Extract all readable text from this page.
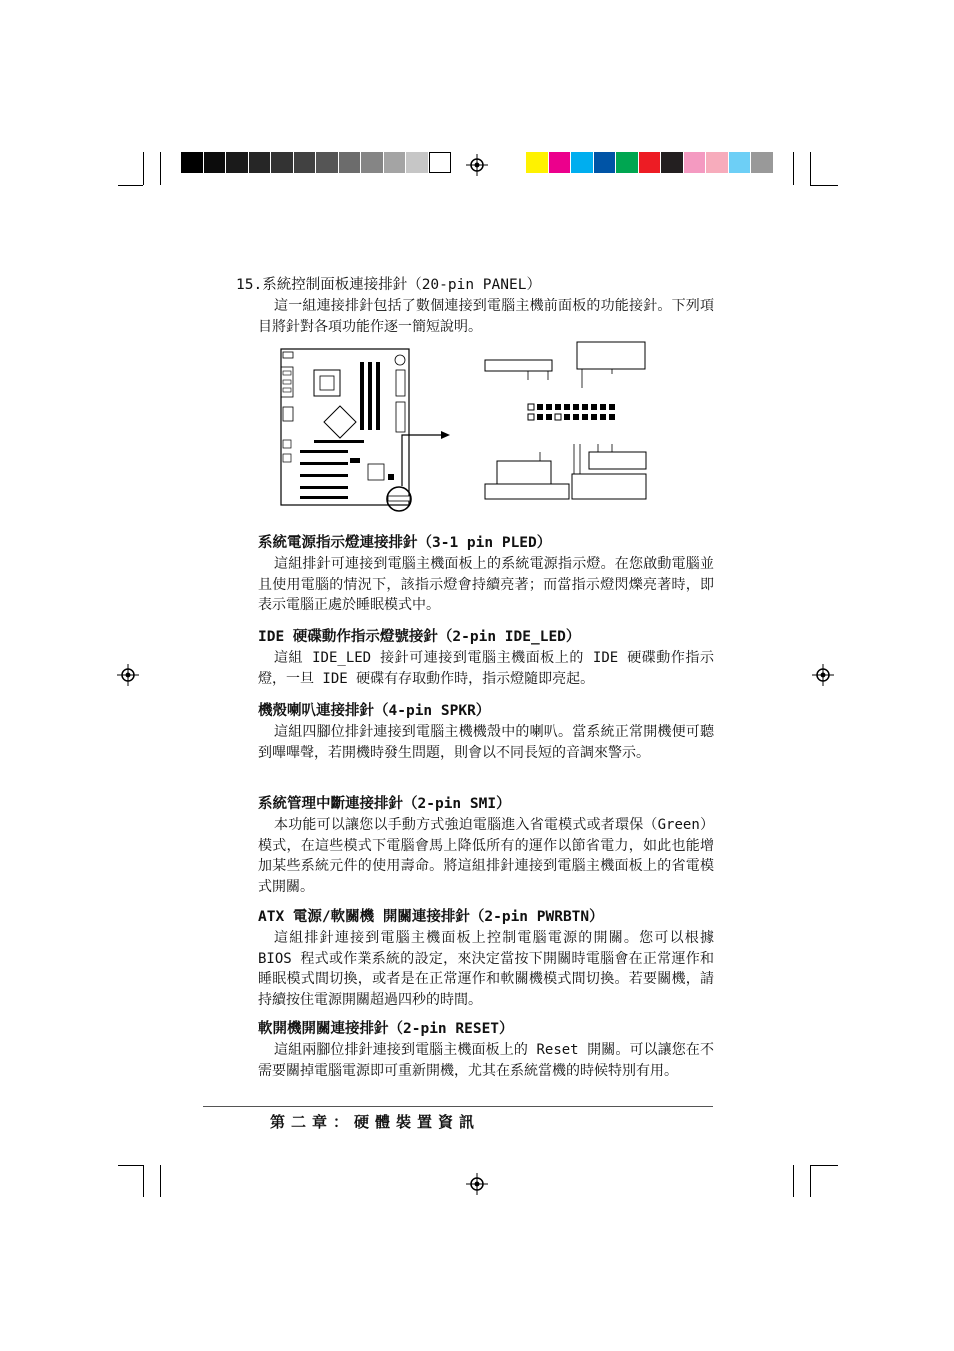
15.系統控制面板連接排針（20-pin PANEL）

這一組連接排針包括了數個連接到電腦主機前面板的功能接針。下列項目將針對各項功能作逐一簡短說明。

系統電源指示燈連接排針（3-1 pin PLED）

這組排針可連接到電腦主機面板上的系統電源指示燈。在您啟動電腦並且使用電腦的情況下，該指示燈會持續亮著；而當指示燈閃爍亮著時，即表示電腦正處於睡眠模式中。

IDE 硬碟動作指示燈號接針（2-pin IDE_LED）

這組 IDE_LED 接針可連接到電腦主機面板上的 IDE 硬碟動作指示燈，一旦 IDE 硬碟有存取動作時，指示燈隨即亮起。

機殼喇叭連接排針（4-pin SPKR）

這組四腳位排針連接到電腦主機機殼中的喇叭。當系統正常開機便可聽到嗶嗶聲，若開機時發生問題，則會以不同長短的音調來警示。

系統管理中斷連接排針（2-pin SMI）

本功能可以讓您以手動方式強迫電腦進入省電模式或者環保（Green）模式，在這些模式下電腦會馬上降低所有的運作以節省電力，如此也能增加某些系統元件的使用壽命。將這組排針連接到電腦主機面板上的省電模式開關。

ATX 電源/軟關機 開關連接排針（2-pin PWRBTN）

這組排針連接到電腦主機面板上控制電腦電源的開關。您可以根據 BIOS 程式或作業系統的設定，來決定當按下開關時電腦會在正常運作和睡眠模式間切換，或者是在正常運作和軟關機模式間切換。若要關機，請持續按住電源開關超過四秒的時間。

軟開機開關連接排針（2-pin RESET）

這組兩腳位排針連接到電腦主機面板上的 Reset 開關。可以讓您在不需要關掉電腦電源即可重新開機，尤其在系統當機的時候特別有用。

第二章：硬體裝置資訊
